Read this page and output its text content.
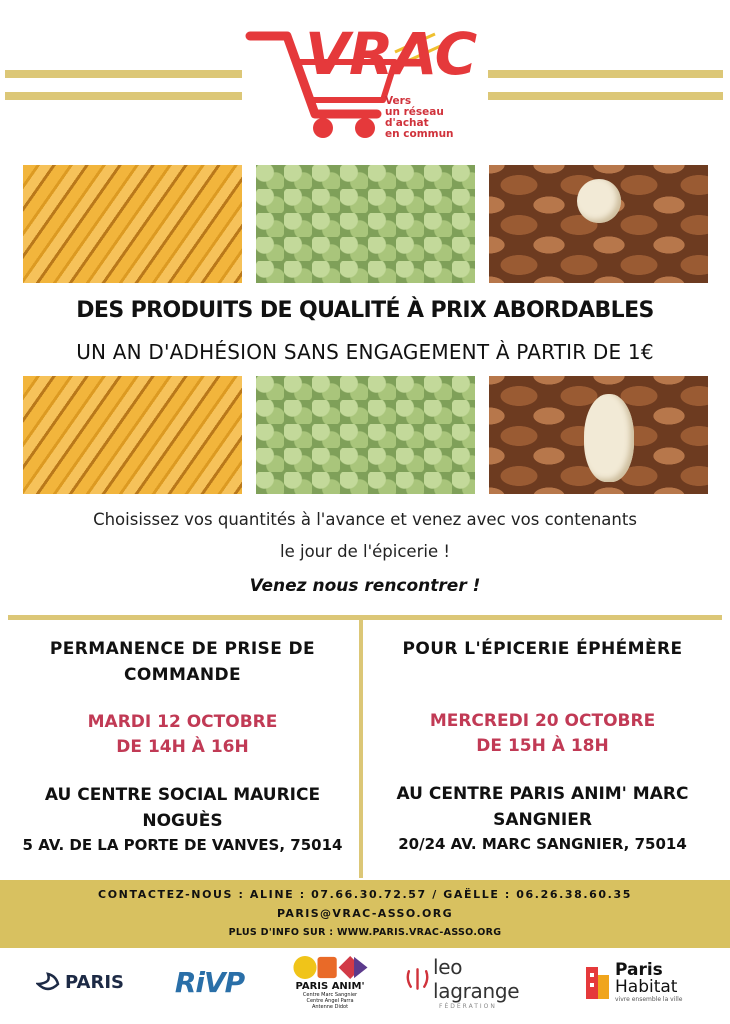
VRAC
Vers
un réseau
d'achat
en commun
DES PRODUITS DE QUALITÉ À PRIX ABORDABLES
UN AN D'ADHÉSION SANS ENGAGEMENT À PARTIR DE 1€
Choisissez vos quantités à l'avance et venez avec vos contenants
le jour de l'épicerie !
Venez nous rencontrer !
PERMANENCE DE PRISE DE
COMMANDE
MARDI 12 OCTOBRE
DE 14H À 16H
AU CENTRE SOCIAL MAURICE
NOGUÈS
5 AV. DE LA PORTE DE VANVES, 75014
POUR L'ÉPICERIE ÉPHÉMÈRE
MERCREDI 20 OCTOBRE
DE 15H À 18H
AU CENTRE PARIS ANIM' MARC
SANGNIER
20/24 AV. MARC SANGNIER, 75014
CONTACTEZ-NOUS : ALINE : 07.66.30.72.57 / GAËLLE : 06.26.38.60.35
PARIS@VRAC-ASSO.ORG
PLUS D'INFO SUR : WWW.PARIS.VRAC-ASSO.ORG
PARIS RiVP	PARIS ANIM'
Centre Marc Sangnier
Centre Angel Parra
Antenne Didot
leo lagrange
FÉDÉRATION
Paris
Habitat
vivre ensemble la ville
